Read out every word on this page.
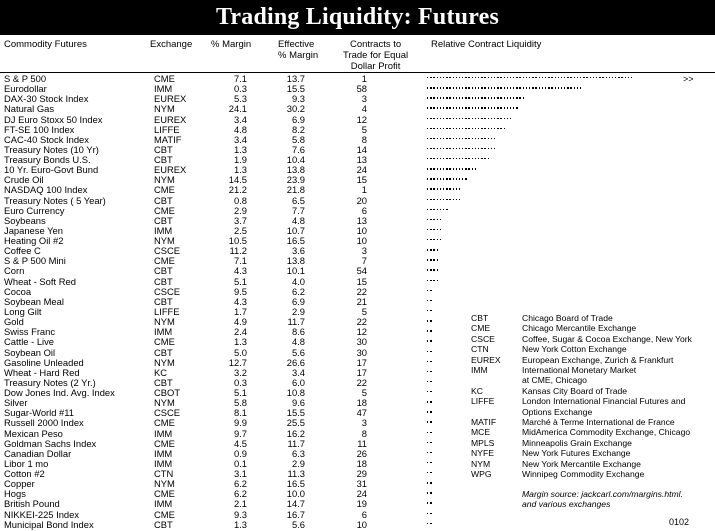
Trading Liquidity: Futures
Commodity Futures	Exchange % Margin	Effective
% Margin
Contracts to
Trade for Equal
Dollar Profit
Relative Contract Liquidity
S & P 500	CME	7.1	13.7	1	>>
Eurodollar	IMM	0.3	15.5	58
DAX-30 Stock Index	EUREX	5.3	9.3	3
Natural Gas	NYM	24.1	30.2	4
DJ Euro Stoxx 50 Index	EUREX	3.4	6.9	12
FT-SE 100 Index	LIFFE	4.8	8.2	5
CAC-40 Stock Index	MATIF	3.4	5.8	8
Treasury Notes (10 Yr)	CBT	1.3	7.6	14
Treasury Bonds U.S.	CBT	1.9	10.4	13
10 Yr. Euro-Govt Bund	EUREX	1.3	13.8	24
Crude Oil	NYM	14.5	23.9	15
NASDAQ 100 Index	CME	21.2	21.8	1
Treasury Notes ( 5 Year)	CBT	0.8	6.5	20
Euro Currency	CME	2.9	7.7	6
Soybeans	CBT	3.7	4.8	13
Japanese Yen	IMM	2.5	10.7	10
Heating Oil #2	NYM	10.5	16.5	10
Coffee C	CSCE	11.2	3.6	3
S & P 500 Mini	CME	7.1	13.8	7
Corn	CBT	4.3	10.1	54
Wheat - Soft Red	CBT	5.1	4.0	15
Cocoa	CSCE	9.5	6.2	22
Soybean Meal	CBT	4.3	6.9	21
Long Gilt	LIFFE	1.7	2.9	5
Gold	NYM	4.9	11.7	22
Swiss Franc	IMM	2.4	8.6	12
Cattle - Live	CME	1.3	4.8	30
Soybean Oil	CBT	5.0	5.6	30
Gasoline Unleaded	NYM	12.7	26.6	17
Wheat - Hard Red	KC	3.2	3.4	17
Treasury Notes (2 Yr.)	CBT	0.3	6.0	22
Dow Jones Ind. Avg. Index	CBOT	5.1	10.8	5
Silver	NYM	5.8	9.6	18
Sugar-World #11	CSCE	8.1	15.5	47
Russell 2000 Index	CME	9.9	25.5	3
Mexican Peso	IMM	9.7	16.2	8
Goldman Sachs Index	CME	4.5	11.7	11
Canadian Dollar	IMM	0.9	6.3	26
Libor 1 mo	IMM	0.1	2.9	18
Cotton #2	CTN	3.1	11.3	29
Copper	NYM	6.2	16.5	31
Hogs	CME	6.2	10.0	24
British Pound	IMM	2.1	14.7	19
NIKKEI-225 Index	CME	9.3	16.7	6
Municipal Bond Index	CBT	1.3	5.6	10
CBT	Chicago Board of Trade
CME	Chicago Mercantile Exchange
CSCE	Coffee, Sugar & Cocoa Exchange, New York
CTN	New York Cotton Exchange
EUREX European Exchange, Zurich & Frankfurt
IMM	International Monetary Market
at CME, Chicago
KC	Kansas City Board of Trade
LIFFE	London International Financial Futures and
Options Exchange
MATIF	Marché à Terme International de France
MCE	MidAmerica Commodity Exchange, Chicago
MPLS	Minneapolis Grain Exchange
NYFE	New York Futures Exchange
NYM	New York Mercantile Exchange
WPG	Winnipeg Commodity Exchange
Margin source: jackcarl.com/margins.html.
and various exchanges
0102
